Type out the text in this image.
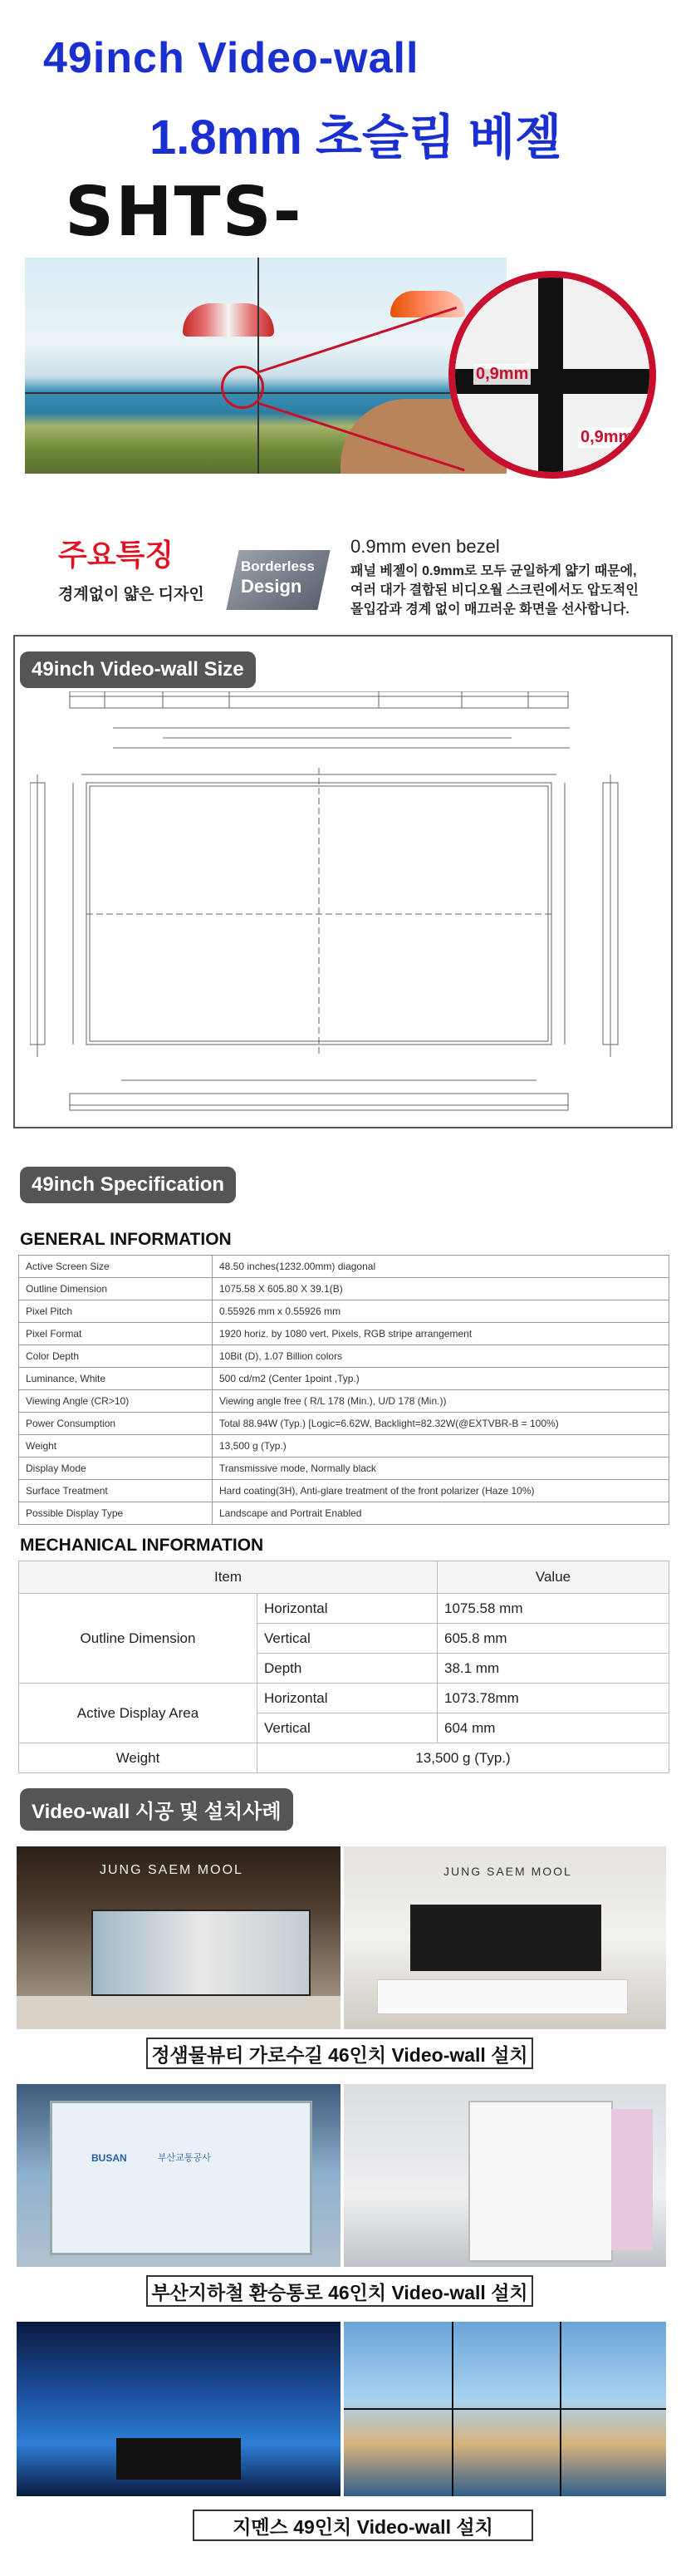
49inch Video-wall
1.8mm 초슬림 베젤
SHTS-
0,9mm
0,9mm
주요특징
경계없이 얇은 디자인
Borderless
Design
0.9mm even bezel
패널 베젤이 0.9mm로 모두 균일하게 얇기 때문에,
여러 대가 결합된 비디오월 스크린에서도 압도적인
몰입감과 경계 없이 매끄러운 화면을 선사합니다.
49inch Video-wall Size
49inch Specification
GENERAL INFORMATION
Active Screen Size	48.50 inches(1232.00mm) diagonal
Outline Dimension	1075.58 X 605.80 X 39.1(B)
Pixel Pitch	0.55926 mm x 0.55926 mm
Pixel Format	1920 horiz. by 1080 vert. Pixels, RGB stripe arrangement
Color Depth	10Bit (D), 1.07 Billion colors
Luminance, White	500 cd/m2 (Center 1point ,Typ.)
Viewing Angle (CR>10)	Viewing angle free ( R/L 178 (Min.), U/D 178 (Min.))
Power Consumption	Total 88.94W (Typ.) [Logic=6.62W, Backlight=82.32W(@EXTVBR-B = 100%)
Weight	13,500 g (Typ.)
Display Mode	Transmissive mode, Normally black
Surface Treatment	Hard coating(3H), Anti-glare treatment of the front polarizer (Haze 10%)
Possible Display Type	Landscape and Portrait Enabled
MECHANICAL INFORMATION
Item		Value
Outline Dimension	Horizontal	1075.58 mm
	Vertical	605.8 mm
	Depth	38.1 mm
Active Display Area	Horizontal	1073.78mm
	Vertical	604 mm
Weight	13,500 g (Typ.)	
Video-wall 시공 및 설치사례
JUNG SAEM MOOL	JUNG SAEM MOOL
정샘물뷰티 가로수길 46인치 Video-wall 설치
BUSAN	부산교통공사
부산지하철 환승통로 46인치 Video-wall 설치
지멘스 49인치 Video-wall 설치
